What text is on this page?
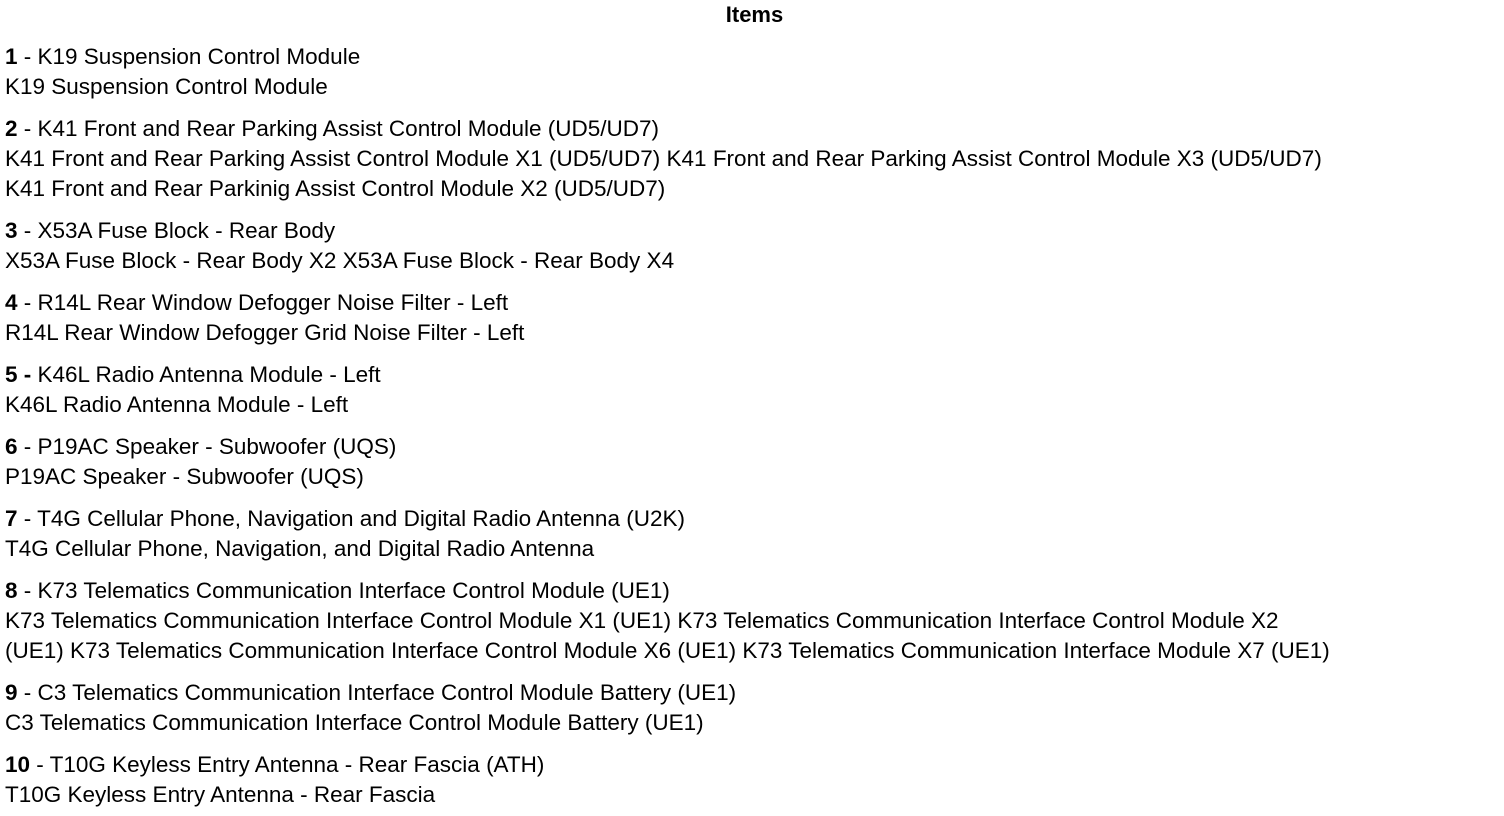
Items
1 - K19 Suspension Control Module
K19 Suspension Control Module
2 - K41 Front and Rear Parking Assist Control Module (UD5/UD7)
K41 Front and Rear Parking Assist Control Module X1 (UD5/UD7) K41 Front and Rear Parking Assist Control Module X3 (UD5/UD7)
K41 Front and Rear Parkinig Assist Control Module X2 (UD5/UD7)
3 - X53A Fuse Block - Rear Body
X53A Fuse Block - Rear Body X2 X53A Fuse Block - Rear Body X4
4 - R14L Rear Window Defogger Noise Filter - Left
R14L Rear Window Defogger Grid Noise Filter - Left
5 - K46L Radio Antenna Module - Left
K46L Radio Antenna Module - Left
6 - P19AC Speaker - Subwoofer (UQS)
P19AC Speaker - Subwoofer (UQS)
7 - T4G Cellular Phone, Navigation and Digital Radio Antenna (U2K)
T4G Cellular Phone, Navigation, and Digital Radio Antenna
8 - K73 Telematics Communication Interface Control Module (UE1)
K73 Telematics Communication Interface Control Module X1 (UE1) K73 Telematics Communication Interface Control Module X2
(UE1) K73 Telematics Communication Interface Control Module X6 (UE1) K73 Telematics Communication Interface Module X7 (UE1)
9 - C3 Telematics Communication Interface Control Module Battery (UE1)
C3 Telematics Communication Interface Control Module Battery (UE1)
10 - T10G Keyless Entry Antenna - Rear Fascia (ATH)
T10G Keyless Entry Antenna - Rear Fascia
